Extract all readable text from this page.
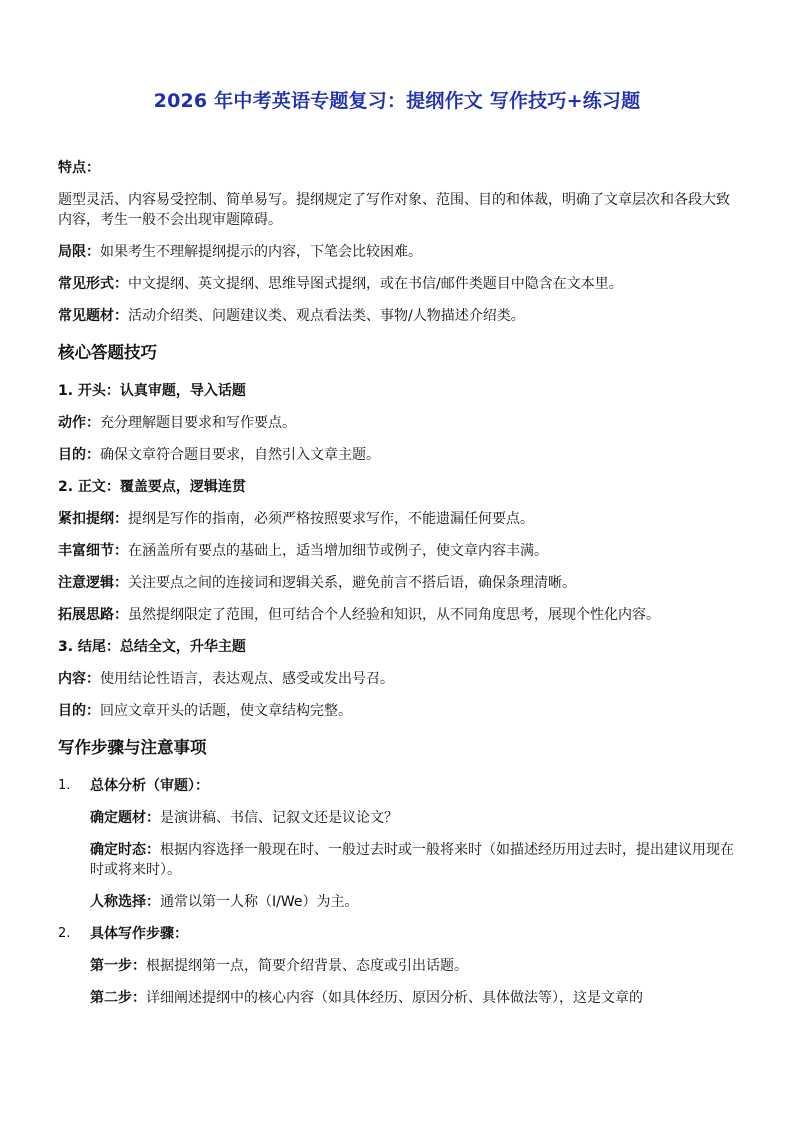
2026 年中考英语专题复习：提纲作文 写作技巧+练习题

特点：

题型灵活、内容易受控制、简单易写。提纲规定了写作对象、范围、目的和体裁，明确了文章层次和各段大致内容，考生一般不会出现审题障碍。

局限：如果考生不理解提纲提示的内容，下笔会比较困难。

常见形式：中文提纲、英文提纲、思维导图式提纲，或在书信/邮件类题目中隐含在文本里。

常见题材：活动介绍类、问题建议类、观点看法类、事物/人物描述介绍类。

核心答题技巧

1. 开头：认真审题，导入话题

动作：充分理解题目要求和写作要点。

目的：确保文章符合题目要求，自然引入文章主题。

2. 正文：覆盖要点，逻辑连贯

紧扣提纲：提纲是写作的指南，必须严格按照要求写作，不能遗漏任何要点。

丰富细节：在涵盖所有要点的基础上，适当增加细节或例子，使文章内容丰满。

注意逻辑：关注要点之间的连接词和逻辑关系，避免前言不搭后语，确保条理清晰。

拓展思路：虽然提纲限定了范围，但可结合个人经验和知识，从不同角度思考，展现个性化内容。

3. 结尾：总结全文，升华主题

内容：使用结论性语言，表达观点、感受或发出号召。

目的：回应文章开头的话题，使文章结构完整。

写作步骤与注意事项

1. 总体分析（审题）：

确定题材：是演讲稿、书信、记叙文还是议论文？

确定时态：根据内容选择一般现在时、一般过去时或一般将来时（如描述经历用过去时，提出建议用现在时或将来时）。

人称选择：通常以第一人称（I/We）为主。

2. 具体写作步骤：

第一步：根据提纲第一点，简要介绍背景、态度或引出话题。

第二步：详细阐述提纲中的核心内容（如具体经历、原因分析、具体做法等），这是文章的
